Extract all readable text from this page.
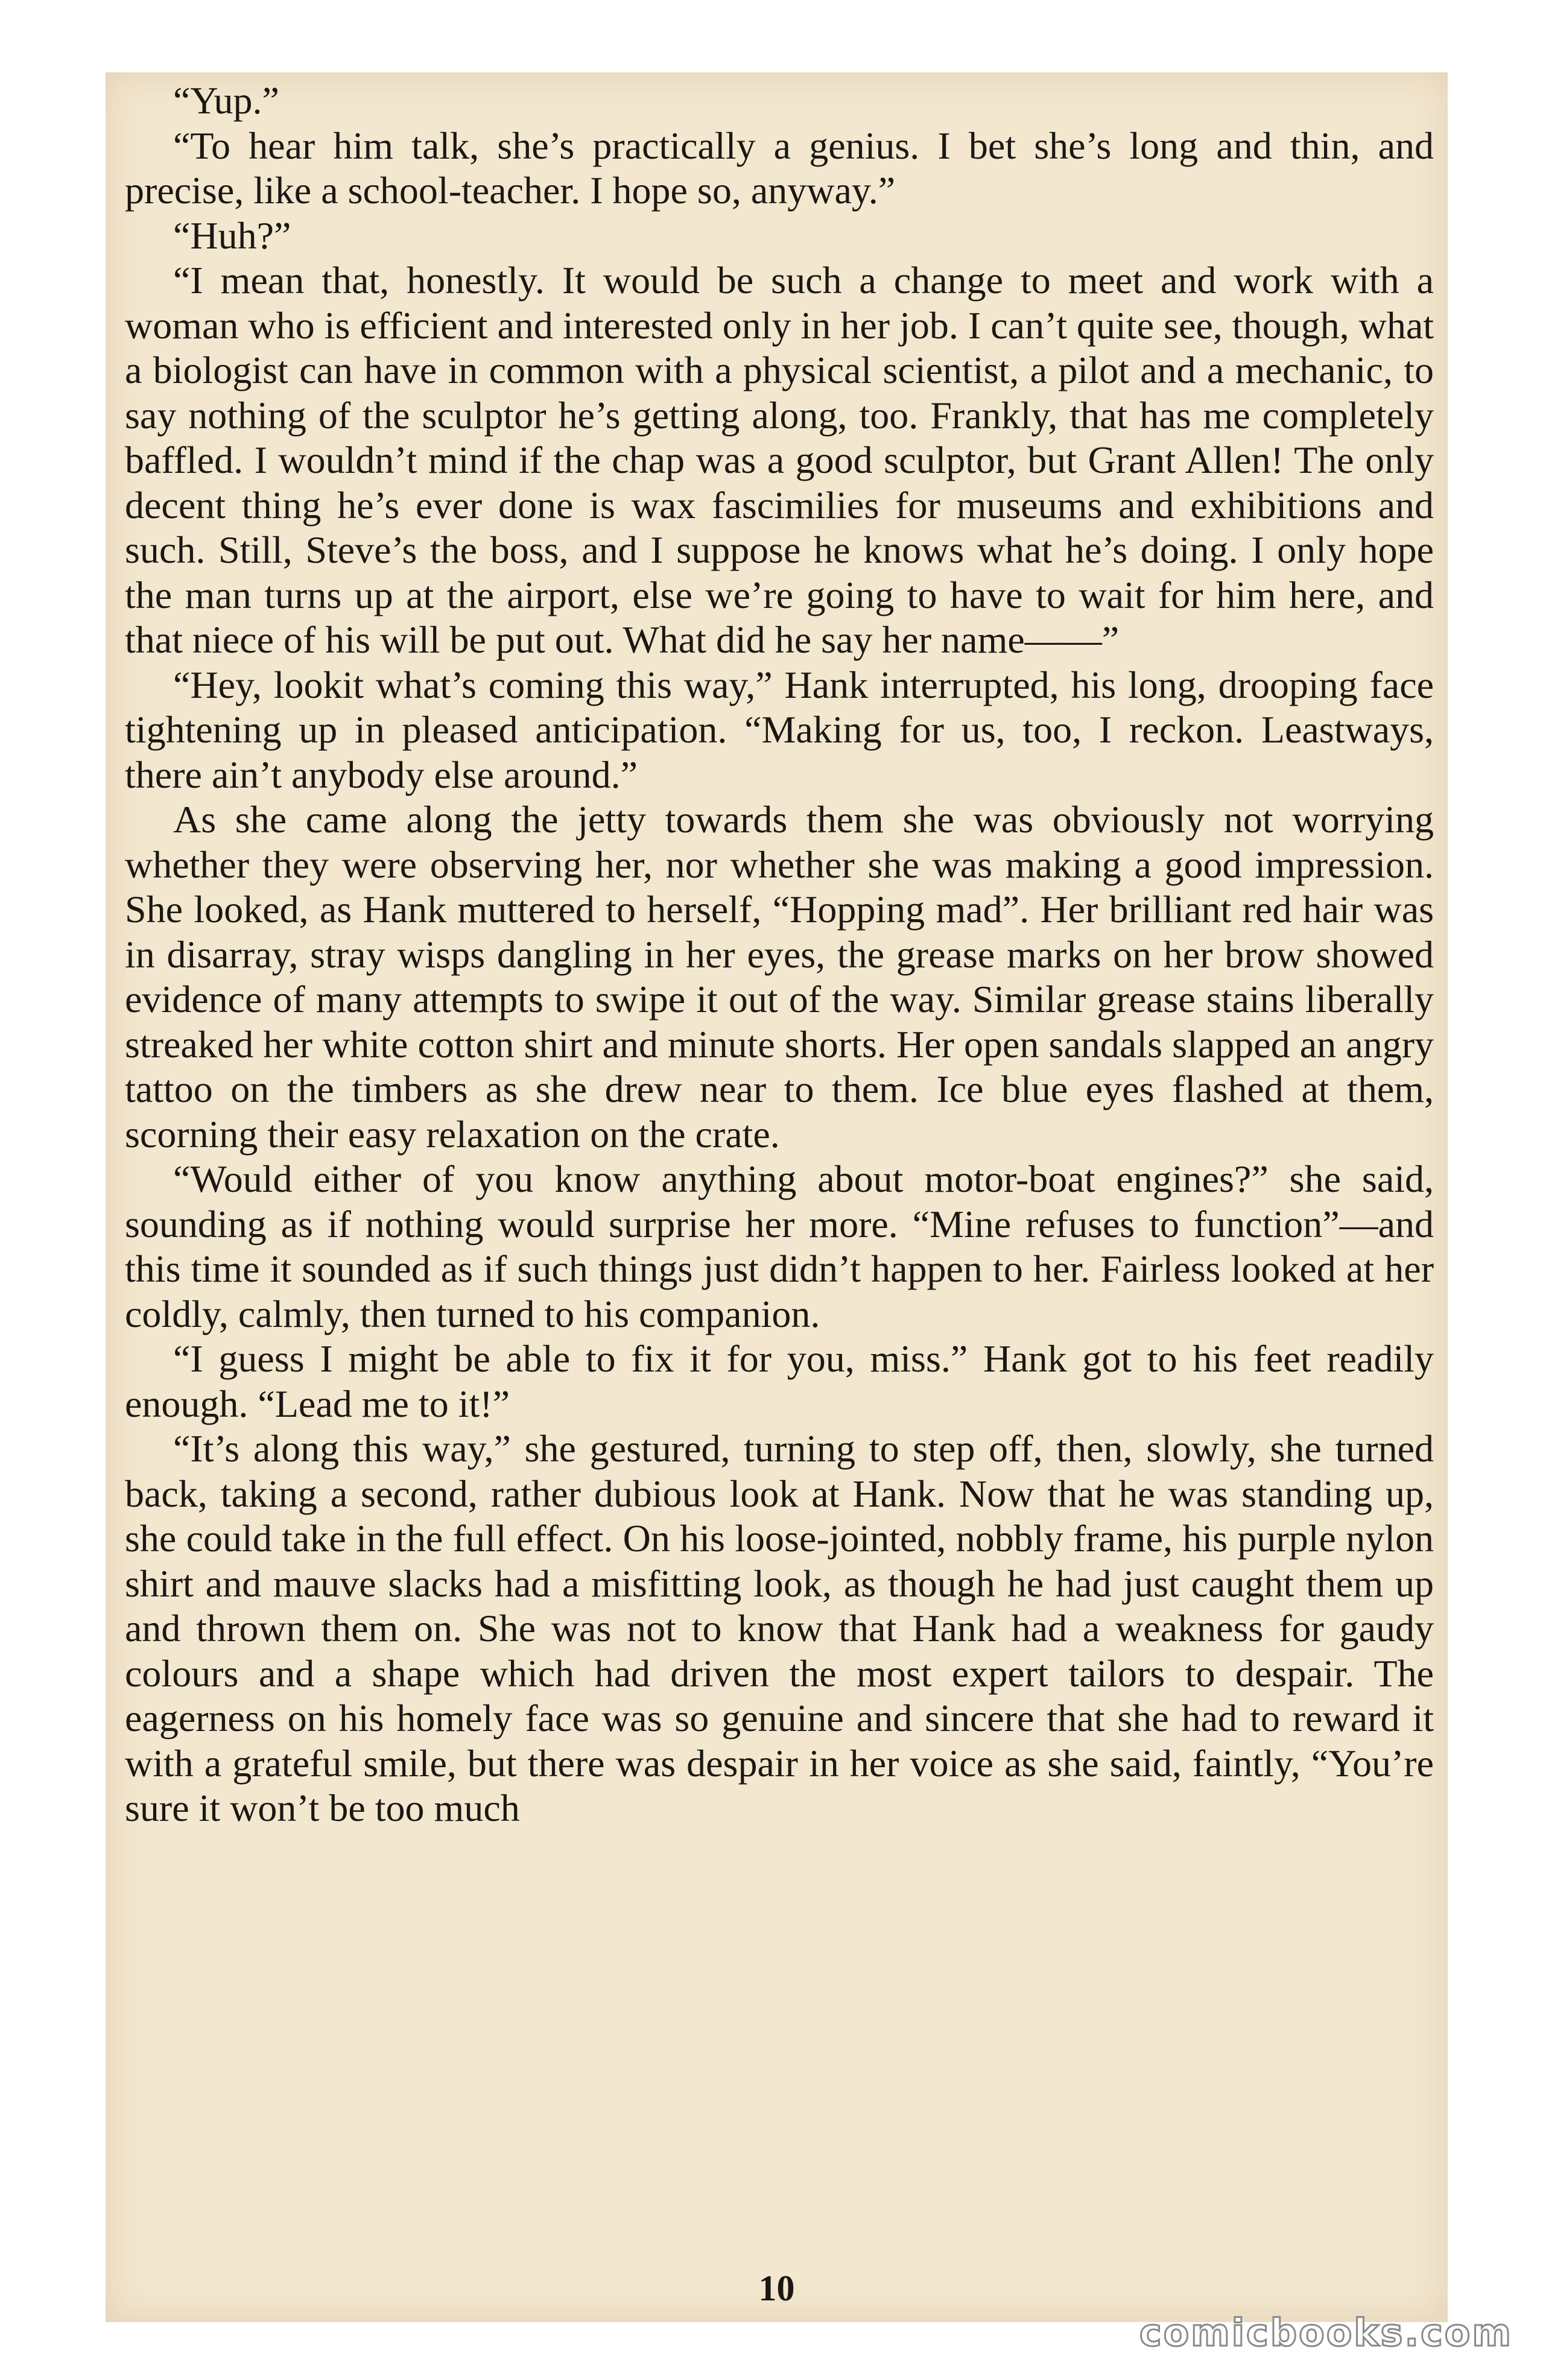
“Yup.”

“To hear him talk, she’s practically a genius. I bet she’s long and thin, and precise, like a school-teacher. I hope so, anyway.”

“Huh?”

“I mean that, honestly. It would be such a change to meet and work with a woman who is efficient and interested only in her job. I can’t quite see, though, what a biologist can have in common with a physical scientist, a pilot and a mechanic, to say nothing of the sculptor he’s getting along, too. Frankly, that has me completely baffled. I wouldn’t mind if the chap was a good sculptor, but Grant Allen! The only decent thing he’s ever done is wax fascimilies for museums and exhibitions and such. Still, Steve’s the boss, and I suppose he knows what he’s doing. I only hope the man turns up at the airport, else we’re going to have to wait for him here, and that niece of his will be put out. What did he say her name——”

“Hey, lookit what’s coming this way,” Hank interrupted, his long, drooping face tightening up in pleased anticipation. “Making for us, too, I reckon. Leastways, there ain’t anybody else around.”

As she came along the jetty towards them she was obviously not worrying whether they were observing her, nor whether she was making a good impression. She looked, as Hank muttered to herself, “Hopping mad”. Her brilliant red hair was in disarray, stray wisps dangling in her eyes, the grease marks on her brow showed evidence of many attempts to swipe it out of the way. Similar grease stains liberally streaked her white cotton shirt and minute shorts. Her open sandals slapped an angry tattoo on the timbers as she drew near to them. Ice blue eyes flashed at them, scorning their easy relaxation on the crate.

“Would either of you know anything about motor-boat engines?” she said, sounding as if nothing would surprise her more. “Mine refuses to function”—and this time it sounded as if such things just didn’t happen to her. Fairless looked at her coldly, calmly, then turned to his companion.

“I guess I might be able to fix it for you, miss.” Hank got to his feet readily enough. “Lead me to it!”

“It’s along this way,” she gestured, turning to step off, then, slowly, she turned back, taking a second, rather dubious look at Hank. Now that he was standing up, she could take in the full effect. On his loose-jointed, nobbly frame, his purple nylon shirt and mauve slacks had a misfitting look, as though he had just caught them up and thrown them on. She was not to know that Hank had a weakness for gaudy colours and a shape which had driven the most expert tailors to despair. The eagerness on his homely face was so genuine and sincere that she had to reward it with a grateful smile, but there was despair in her voice as she said, faintly, “You’re sure it won’t be too much

10
comicbooks.com
